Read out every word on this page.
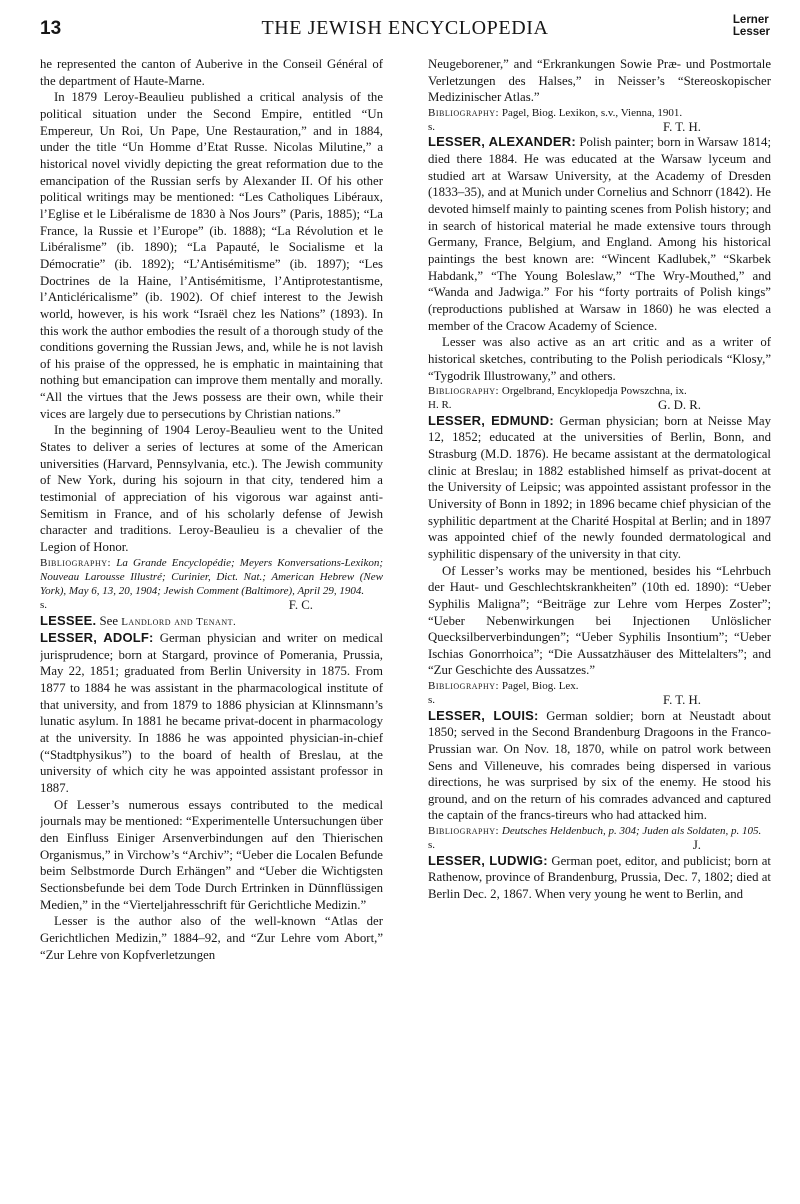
13	THE JEWISH ENCYCLOPEDIA	Lerner
Lesser

he represented the canton of Auberive in the Conseil Général of the department of Haute-Marne.

In 1879 Leroy-Beaulieu published a critical analysis of the political situation under the Second Empire, entitled “Un Empereur, Un Roi, Un Pape, Une Restauration,” and in 1884, under the title “Un Homme d’Etat Russe. Nicolas Milutine,” a historical novel vividly depicting the great reformation due to the emancipation of the Russian serfs by Alexander II. Of his other political writings may be mentioned: “Les Catholiques Libéraux, l’Eglise et le Libéralisme de 1830 à Nos Jours” (Paris, 1885); “La France, la Russie et l’Europe” (ib. 1888); “La Révolution et le Libéralisme” (ib. 1890); “La Papauté, le Socialisme et la Démocratie” (ib. 1892); “L’Antisémitisme” (ib. 1897); “Les Doctrines de la Haine, l’Antisémitisme, l’Antiprotestantisme, l’Anticléricalisme” (ib. 1902). Of chief interest to the Jewish world, however, is his work “Israël chez les Nations” (1893). In this work the author embodies the result of a thorough study of the conditions governing the Russian Jews, and, while he is not lavish of his praise of the oppressed, he is emphatic in maintaining that nothing but emancipation can improve them mentally and morally. “All the virtues that the Jews possess are their own, while their vices are largely due to persecutions by Christian nations.”

In the beginning of 1904 Leroy-Beaulieu went to the United States to deliver a series of lectures at some of the American universities (Harvard, Pennsylvania, etc.). The Jewish community of New York, during his sojourn in that city, tendered him a testimonial of appreciation of his vigorous war against anti-Semitism in France, and of his scholarly defense of Jewish character and traditions. Leroy-Beaulieu is a chevalier of the Legion of Honor.

Bibliography: La Grande Encyclopédie; Meyers Konversations-Lexikon; Nouveau Larousse Illustré; Curinier, Dict. Nat.; American Hebrew (New York), May 6, 13, 20, 1904; Jewish Comment (Baltimore), April 29, 1904.

s.	F. C.

LESSEE. See Landlord and Tenant.

LESSER, ADOLF: German physician and writer on medical jurisprudence; born at Stargard, province of Pomerania, Prussia, May 22, 1851; graduated from Berlin University in 1875. From 1877 to 1884 he was assistant in the pharmacological institute of that university, and from 1879 to 1886 physician at Klinnsmann’s lunatic asylum. In 1881 he became privat-docent in pharmacology at the university. In 1886 he was appointed physician-in-chief (“Stadtphysikus”) to the board of health of Breslau, at the university of which city he was appointed assistant professor in 1887.

Of Lesser’s numerous essays contributed to the medical journals may be mentioned: “Experimentelle Untersuchungen über den Einfluss Einiger Arsenverbindungen auf den Thierischen Organismus,” in Virchow’s “Archiv”; “Ueber die Localen Befunde beim Selbstmorde Durch Erhängen” and “Ueber die Wichtigsten Sectionsbefunde bei dem Tode Durch Ertrinken in Dünnflüssigen Medien,” in the “Vierteljahresschrift für Gerichtliche Medizin.”

Lesser is the author also of the well-known “Atlas der Gerichtlichen Medizin,” 1884–92, and “Zur Lehre vom Abort,” “Zur Lehre von Kopfverletzungen

Neugeborener,” and “Erkrankungen Sowie Præ- und Postmortale Verletzungen des Halses,” in Neisser’s “Stereoskopischer Medizinischer Atlas.”

Bibliography: Pagel, Biog. Lexikon, s.v., Vienna, 1901.

s.	F. T. H.

LESSER, ALEXANDER: Polish painter; born in Warsaw 1814; died there 1884. He was educated at the Warsaw lyceum and studied art at Warsaw University, at the Academy of Dresden (1833–35), and at Munich under Cornelius and Schnorr (1842). He devoted himself mainly to painting scenes from Polish history; and in search of historical material he made extensive tours through Germany, France, Belgium, and England. Among his historical paintings the best known are: “Wincent Kadlubek,” “Skarbek Habdank,” “The Young Boleslaw,” “The Wry-Mouthed,” and “Wanda and Jadwiga.” For his “forty portraits of Polish kings” (reproductions published at Warsaw in 1860) he was elected a member of the Cracow Academy of Science.

Lesser was also active as an art critic and as a writer of historical sketches, contributing to the Polish periodicals “Klosy,” “Tygodrik Illustrowany,” and others.

Bibliography: Orgelbrand, Encyklopedja Powszchna, ix.

H. R.	G. D. R.

LESSER, EDMUND: German physician; born at Neisse May 12, 1852; educated at the universities of Berlin, Bonn, and Strasburg (M.D. 1876). He became assistant at the dermatological clinic at Breslau; in 1882 established himself as privat-docent at the University of Leipsic; was appointed assistant professor in the University of Bonn in 1892; in 1896 became chief physician of the syphilitic department at the Charité Hospital at Berlin; and in 1897 was appointed chief of the newly founded dermatological and syphilitic dispensary of the university in that city.

Of Lesser’s works may be mentioned, besides his “Lehrbuch der Haut- und Geschlechtskrankheiten” (10th ed. 1890): “Ueber Syphilis Maligna”; “Beiträge zur Lehre vom Herpes Zoster”; “Ueber Nebenwirkungen bei Injectionen Unlöslicher Quecksilberverbindungen”; “Ueber Syphilis Insontium”; “Ueber Ischias Gonorrhoica”; “Die Aussatzhäuser des Mittelalters”; and “Zur Geschichte des Aussatzes.”

Bibliography: Pagel, Biog. Lex.

s.	F. T. H.

LESSER, LOUIS: German soldier; born at Neustadt about 1850; served in the Second Brandenburg Dragoons in the Franco-Prussian war. On Nov. 18, 1870, while on patrol work between Sens and Villeneuve, his comrades being dispersed in various directions, he was surprised by six of the enemy. He stood his ground, and on the return of his comrades advanced and captured the captain of the francs-tireurs who had attacked him.

Bibliography: Deutsches Heldenbuch, p. 304; Juden als Soldaten, p. 105.

s.	J.

LESSER, LUDWIG: German poet, editor, and publicist; born at Rathenow, province of Brandenburg, Prussia, Dec. 7, 1802; died at Berlin Dec. 2, 1867. When very young he went to Berlin, and
